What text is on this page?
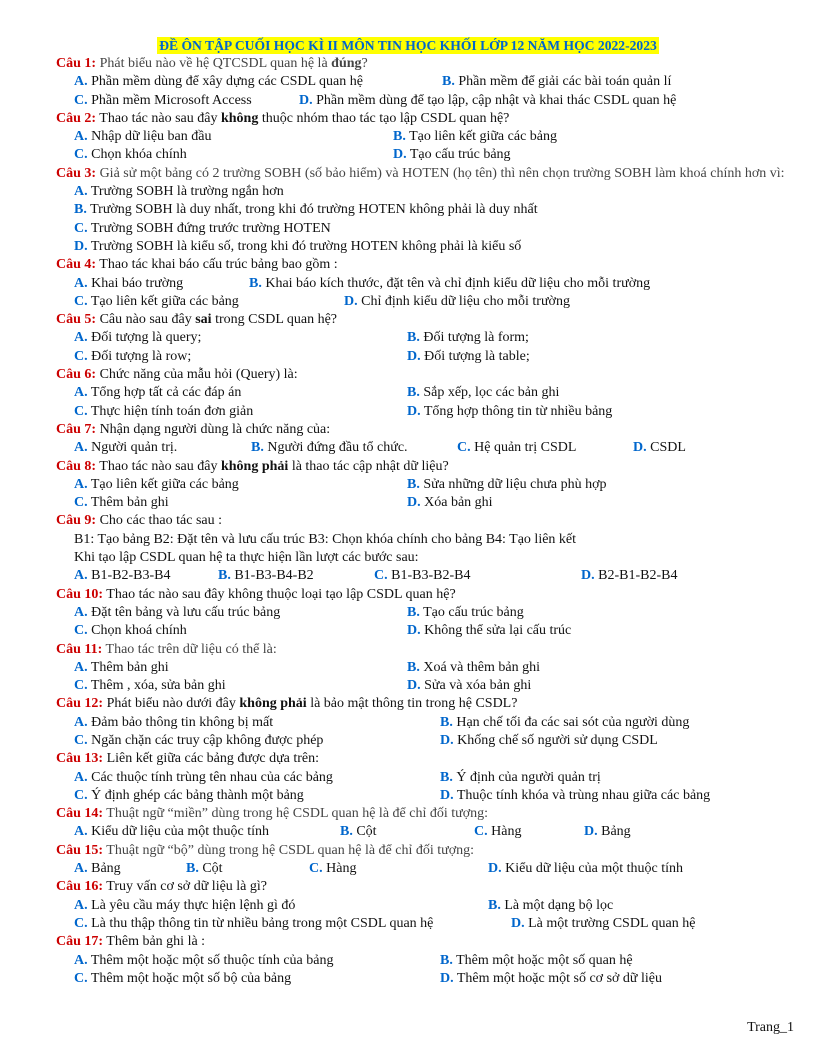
ĐỀ ÔN TẬP CUỐI HỌC KÌ II MÔN TIN HỌC KHỐI LỚP 12 NĂM HỌC 2022-2023
Câu 1: Phát biểu nào về hệ QTCSDL quan hệ là đúng?
A. Phần mềm dùng để xây dựng các CSDL quan hệ	B. Phần mềm để giải các bài toán quản lí
C. Phần mềm Microsoft Access	D. Phần mềm dùng để tạo lập, cập nhật và khai thác CSDL quan hệ
Câu 2: Thao tác nào sau đây không thuộc nhóm thao tác tạo lập CSDL quan hệ?
A. Nhập dữ liệu ban đầu	B. Tạo liên kết giữa các bảng
C. Chọn khóa chính	D. Tạo cấu trúc bảng
Câu 3: Giả sử một bảng có 2 trường SOBH (số bảo hiểm) và HOTEN (họ tên) thì nên chọn trường SOBH làm khoá chính hơn vì:
A. Trường SOBH là trường ngắn hơn
B. Trường SOBH là duy nhất, trong khi đó trường HOTEN không phải là duy nhất
C. Trường SOBH đứng trước trường HOTEN
D. Trường SOBH là kiểu số, trong khi đó trường HOTEN không phải là kiểu số
Câu 4: Thao tác khai báo cấu trúc bảng bao gồm :
A. Khai báo trường	B. Khai báo kích thước, đặt tên và chỉ định kiểu dữ liệu cho mỗi trường
C. Tạo liên kết giữa các bảng	D. Chỉ định kiểu dữ liệu cho mỗi trường
Câu 5: Câu nào sau đây sai trong CSDL quan hệ?
A. Đối tượng là query;	B. Đối tượng là form;
C. Đối tượng là row;	D. Đối tượng là table;
Câu 6: Chức năng của mẫu hỏi (Query) là:
A. Tổng hợp tất cả các đáp án	B. Sắp xếp, lọc các bản ghi
C. Thực hiện tính toán đơn giản	D. Tổng hợp thông tin từ nhiều bảng
Câu 7: Nhận dạng người dùng là chức năng của:
A. Người quản trị.	B. Người đứng đầu tổ chức.	C. Hệ quản trị CSDL	D. CSDL
Câu 8: Thao tác nào sau đây không phải là thao tác cập nhật dữ liệu?
A. Tạo liên kết giữa các bảng	B. Sửa những dữ liệu chưa phù hợp
C. Thêm bản ghi	D. Xóa bản ghi
Câu 9: Cho các thao tác sau :
B1: Tạo bảng B2: Đặt tên và lưu cấu trúc B3: Chọn khóa chính cho bảng B4: Tạo liên kết
Khi tạo lập CSDL quan hệ ta thực hiện lần lượt các bước sau:
A. B1-B2-B3-B4	B. B1-B3-B4-B2	C. B1-B3-B2-B4	D. B2-B1-B2-B4
Câu 10: Thao tác nào sau đây không thuộc loại tạo lập CSDL quan hệ?
A. Đặt tên bảng và lưu cấu trúc bảng	B. Tạo cấu trúc bảng
C. Chọn khoá chính	D. Không thể sửa lại cấu trúc
Câu 11: Thao tác trên dữ liệu có thể là:
A. Thêm bản ghi	B. Xoá và thêm bản ghi
C. Thêm , xóa, sửa bản ghi	D. Sửa và xóa bản ghi
Câu 12: Phát biểu nào dưới đây không phải là bảo mật thông tin trong hệ CSDL?
A. Đảm bảo thông tin không bị mất	B. Hạn chế tối đa các sai sót của người dùng
C. Ngăn chặn các truy cập không được phép	D. Khống chế số người sử dụng CSDL
Câu 13: Liên kết giữa các bảng được dựa trên:
A. Các thuộc tính trùng tên nhau của các bảng	B. Ý định của người quản trị
C. Ý định ghép các bảng thành một bảng	D. Thuộc tính khóa và trùng nhau giữa các bảng
Câu 14: Thuật ngữ “miền” dùng trong hệ CSDL quan hệ là để chỉ đối tượng:
A. Kiểu dữ liệu của một thuộc tính	B. Cột	C. Hàng	D. Bảng
Câu 15: Thuật ngữ “bộ” dùng trong hệ CSDL quan hệ là để chỉ đối tượng:
A. Bảng	B. Cột	C. Hàng	D. Kiểu dữ liệu của một thuộc tính
Câu 16: Truy vấn cơ sở dữ liệu là gì?
A. Là yêu cầu máy thực hiện lệnh gì đó	B. Là một dạng bộ lọc
C. Là thu thập thông tin từ nhiều bảng trong một CSDL quan hệ	D. Là một trường CSDL quan hệ
Câu 17: Thêm bản ghi là :
A. Thêm một hoặc một số thuộc tính của bảng	B. Thêm một hoặc một số quan hệ
C. Thêm một hoặc một số bộ của bảng	D. Thêm một hoặc một số cơ sở dữ liệu
Trang_1
